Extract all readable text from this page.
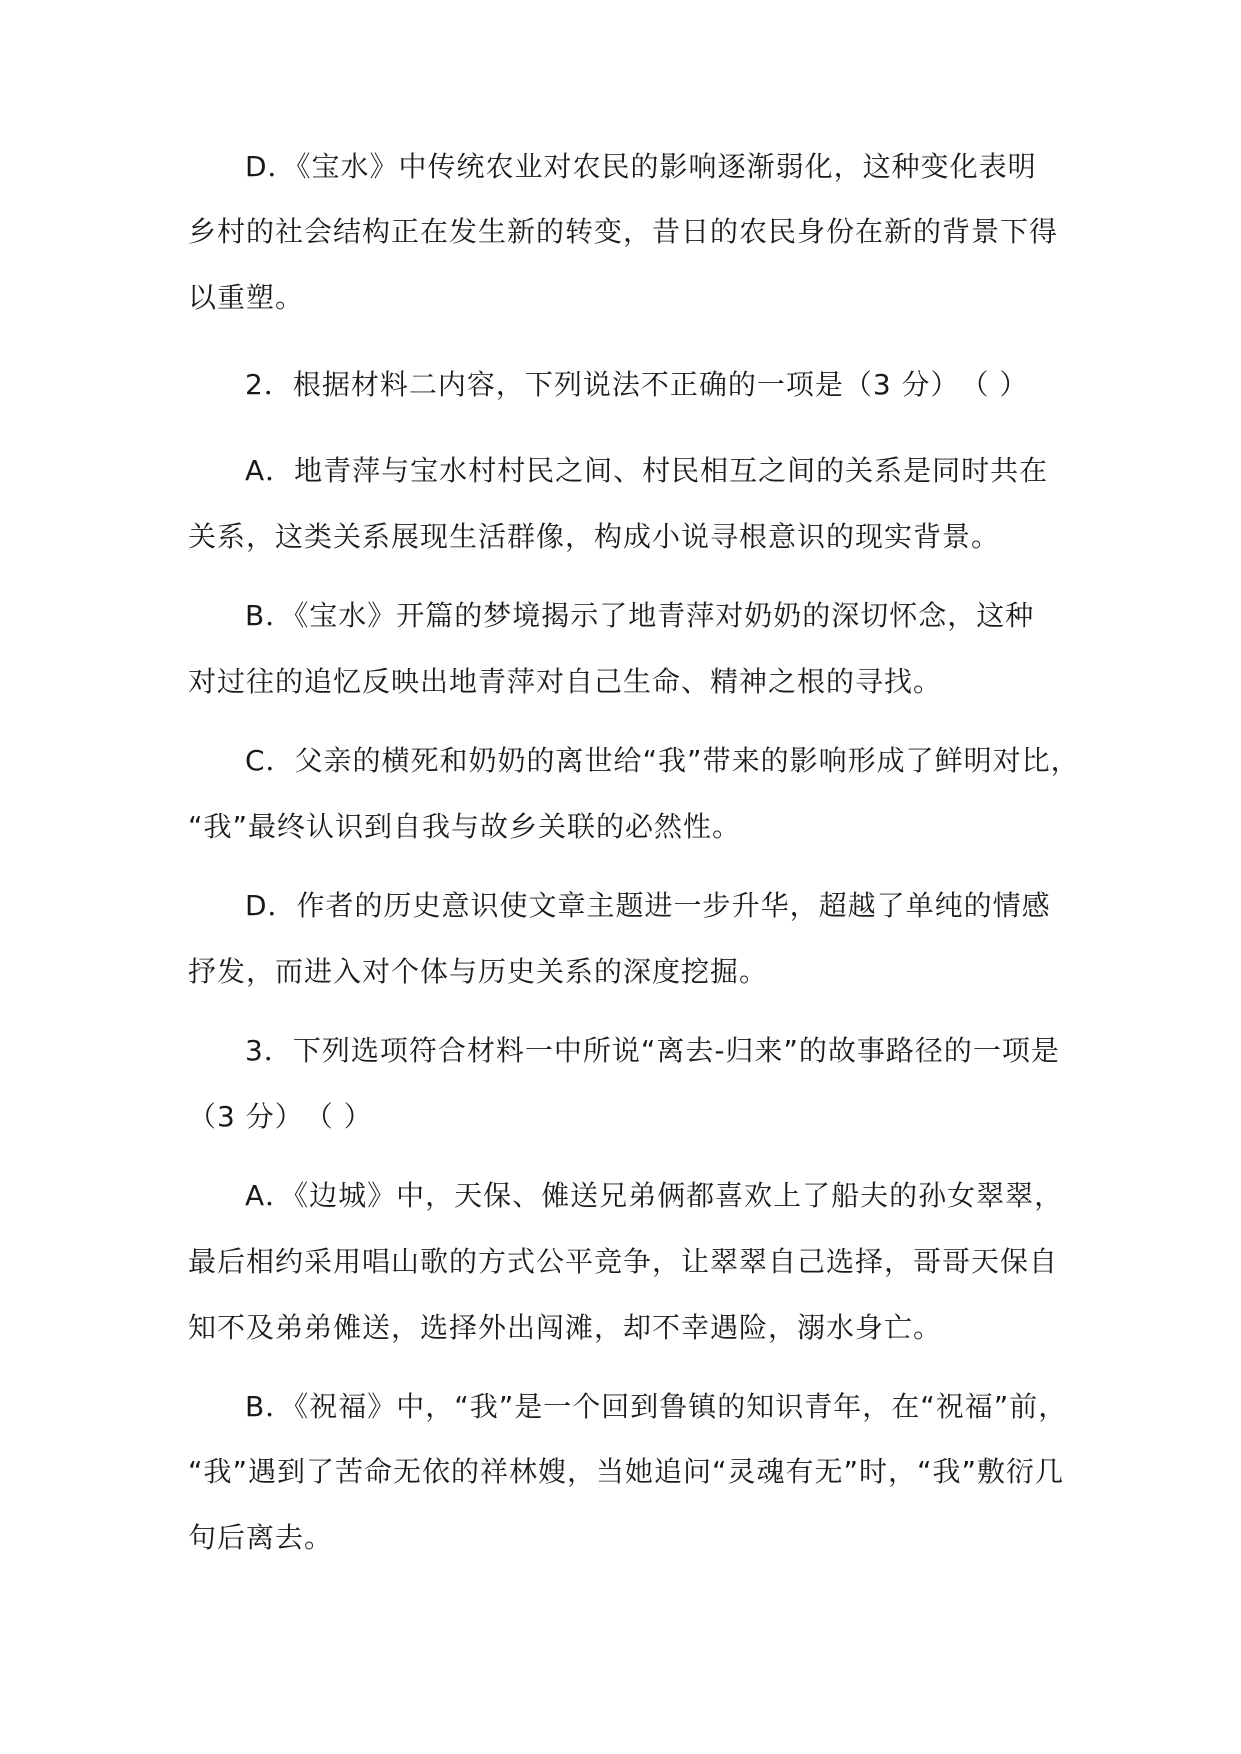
D．《宝水》中传统农业对农民的影响逐渐弱化，这种变化表明
乡村的社会结构正在发生新的转变，昔日的农民身份在新的背景下得
以重塑。
2．根据材料二内容，下列说法不正确的一项是（3 分）　（ ）
A．地青萍与宝水村村民之间、村民相互之间的关系是同时共在
关系，这类关系展现生活群像，构成小说寻根意识的现实背景。
B．《宝水》开篇的梦境揭示了地青萍对奶奶的深切怀念，这种
对过往的追忆反映出地青萍对自己生命、精神之根的寻找。
C．父亲的横死和奶奶的离世给“我”带来的影响形成了鲜明对比，
“我”最终认识到自我与故乡关联的必然性。
D．作者的历史意识使文章主题进一步升华，超越了单纯的情感
抒发，而进入对个体与历史关系的深度挖掘。
3．下列选项符合材料一中所说“离去-归来”的故事路径的一项是
（3 分）　（ ）
A．《边城》中，天保、傩送兄弟俩都喜欢上了船夫的孙女翠翠，
最后相约采用唱山歌的方式公平竞争，让翠翠自己选择，哥哥天保自
知不及弟弟傩送，选择外出闯滩，却不幸遇险，溺水身亡。
B．《祝福》中，“我”是一个回到鲁镇的知识青年，在“祝福”前，
“我”遇到了苦命无依的祥林嫂，当她追问“灵魂有无”时，“我”敷衍几
句后离去。
